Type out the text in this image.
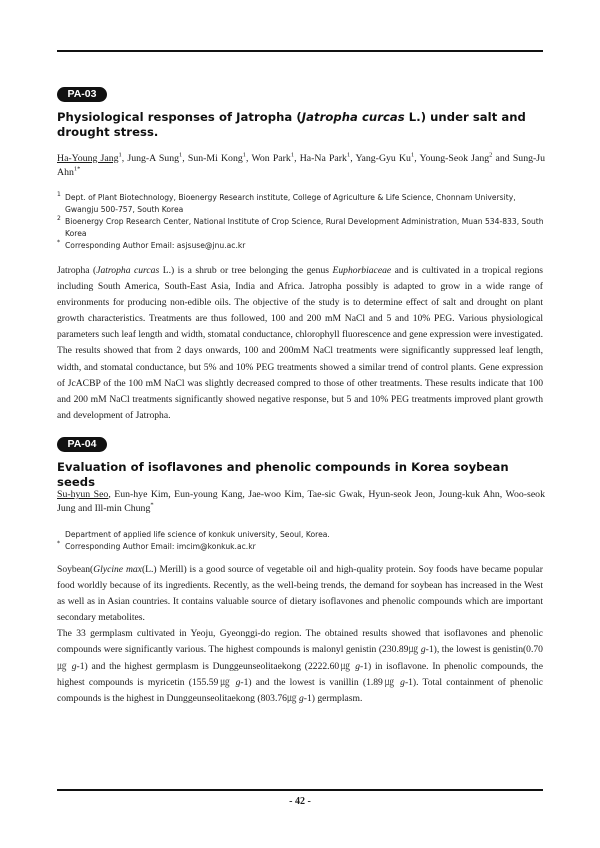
PA-03
Physiological responses of Jatropha (Jatropha curcas L.) under salt and drought stress.
Ha-Young Jang$^1$, Jung-A Sung$^1$, Sun-Mi Kong$^1$, Won Park$^1$, Ha-Na Park$^1$, Yang-Gyu Ku$^1$, Young-Seok Jang$^2$ and Sung-Ju Ahn$^{1*}$
1 Dept. of Plant Biotechnology, Bioenergy Research institute, College of Agriculture & Life Science, Chonnam University, Gwangju 500-757, South Korea
2 Bioenergy Crop Research Center, National Institute of Crop Science, Rural Development Administration, Muan 534-833, South Korea
* Corresponding Author Email: asjsuse@jnu.ac.kr

Jatropha (Jatropha curcas L.) is a shrub or tree belonging the genus Euphorbiaceae and is cultivated in a tropical regions including South America, South-East Asia, India and Africa. Jatropha possibly is adapted to grow in a wide range of environments for producing non-edible oils. The objective of the study is to determine effect of salt and drought on plant growth characteristics. Treatments are thus followed, 100 and 200 mM NaCl and 5 and 10% PEG. Various physiological parameters such leaf length and width, stomatal conductance, chlorophyll fluorescence and gene expression were investigated. The results showed that from 2 days onwards, 100 and 200mM NaCl treatments were significantly suppressed leaf length, width, and stomatal conductance, but 5% and 10% PEG treatments showed a similar trend of control plants. Gene expression of JcACBP of the 100 mM NaCl was slightly decreased compred to those of other treatments. These results indicate that 100 and 200 mM NaCl treatments significantly showed negative response, but 5 and 10% PEG treatments improved plant growth and development of Jatropha.

PA-04
Evaluation of isoflavones and phenolic compounds in Korea soybean seeds
Su-hyun Seo, Eun-hye Kim, Eun-young Kang, Jae-woo Kim, Tae-sic Gwak, Hyun-seok Jeon, Joung-kuk Ahn, Woo-seok Jung and Ill-min Chung*
Department of applied life science of konkuk university, Seoul, Korea.
* Corresponding Author Email: imcim@konkuk.ac.kr

Soybean(Glycine max(L.) Merill) is a good source of vegetable oil and high-quality protein. Soy foods have became popular food worldly because of its ingredients. Recently, as the well-being trends, the demand for soybean has increased in the West as well as in Asian countries. It contains valuable source of dietary isoflavones and phenolic compounds which are important secondary metabolites.

The 33 germplasm cultivated in Yeoju, Gyeonggi-do region. The obtained results showed that isoflavones and phenolic compounds were significantly various. The highest compounds is malonyl genistin (230.89㎍ g-1), the lowest is genistin(0.70㎍ g-1) and the highest germplasm is Dunggeunseolitaekong (2222.60㎍ g-1) in isoflavone. In phenolic compounds, the highest compounds is myricetin (155.59㎍ g-1) and the lowest is vanillin (1.89㎍ g-1). Total containment of phenolic compounds is the highest in Dunggeunseolitaekong (803.76㎍ g-1) germplasm.

- 42 -
